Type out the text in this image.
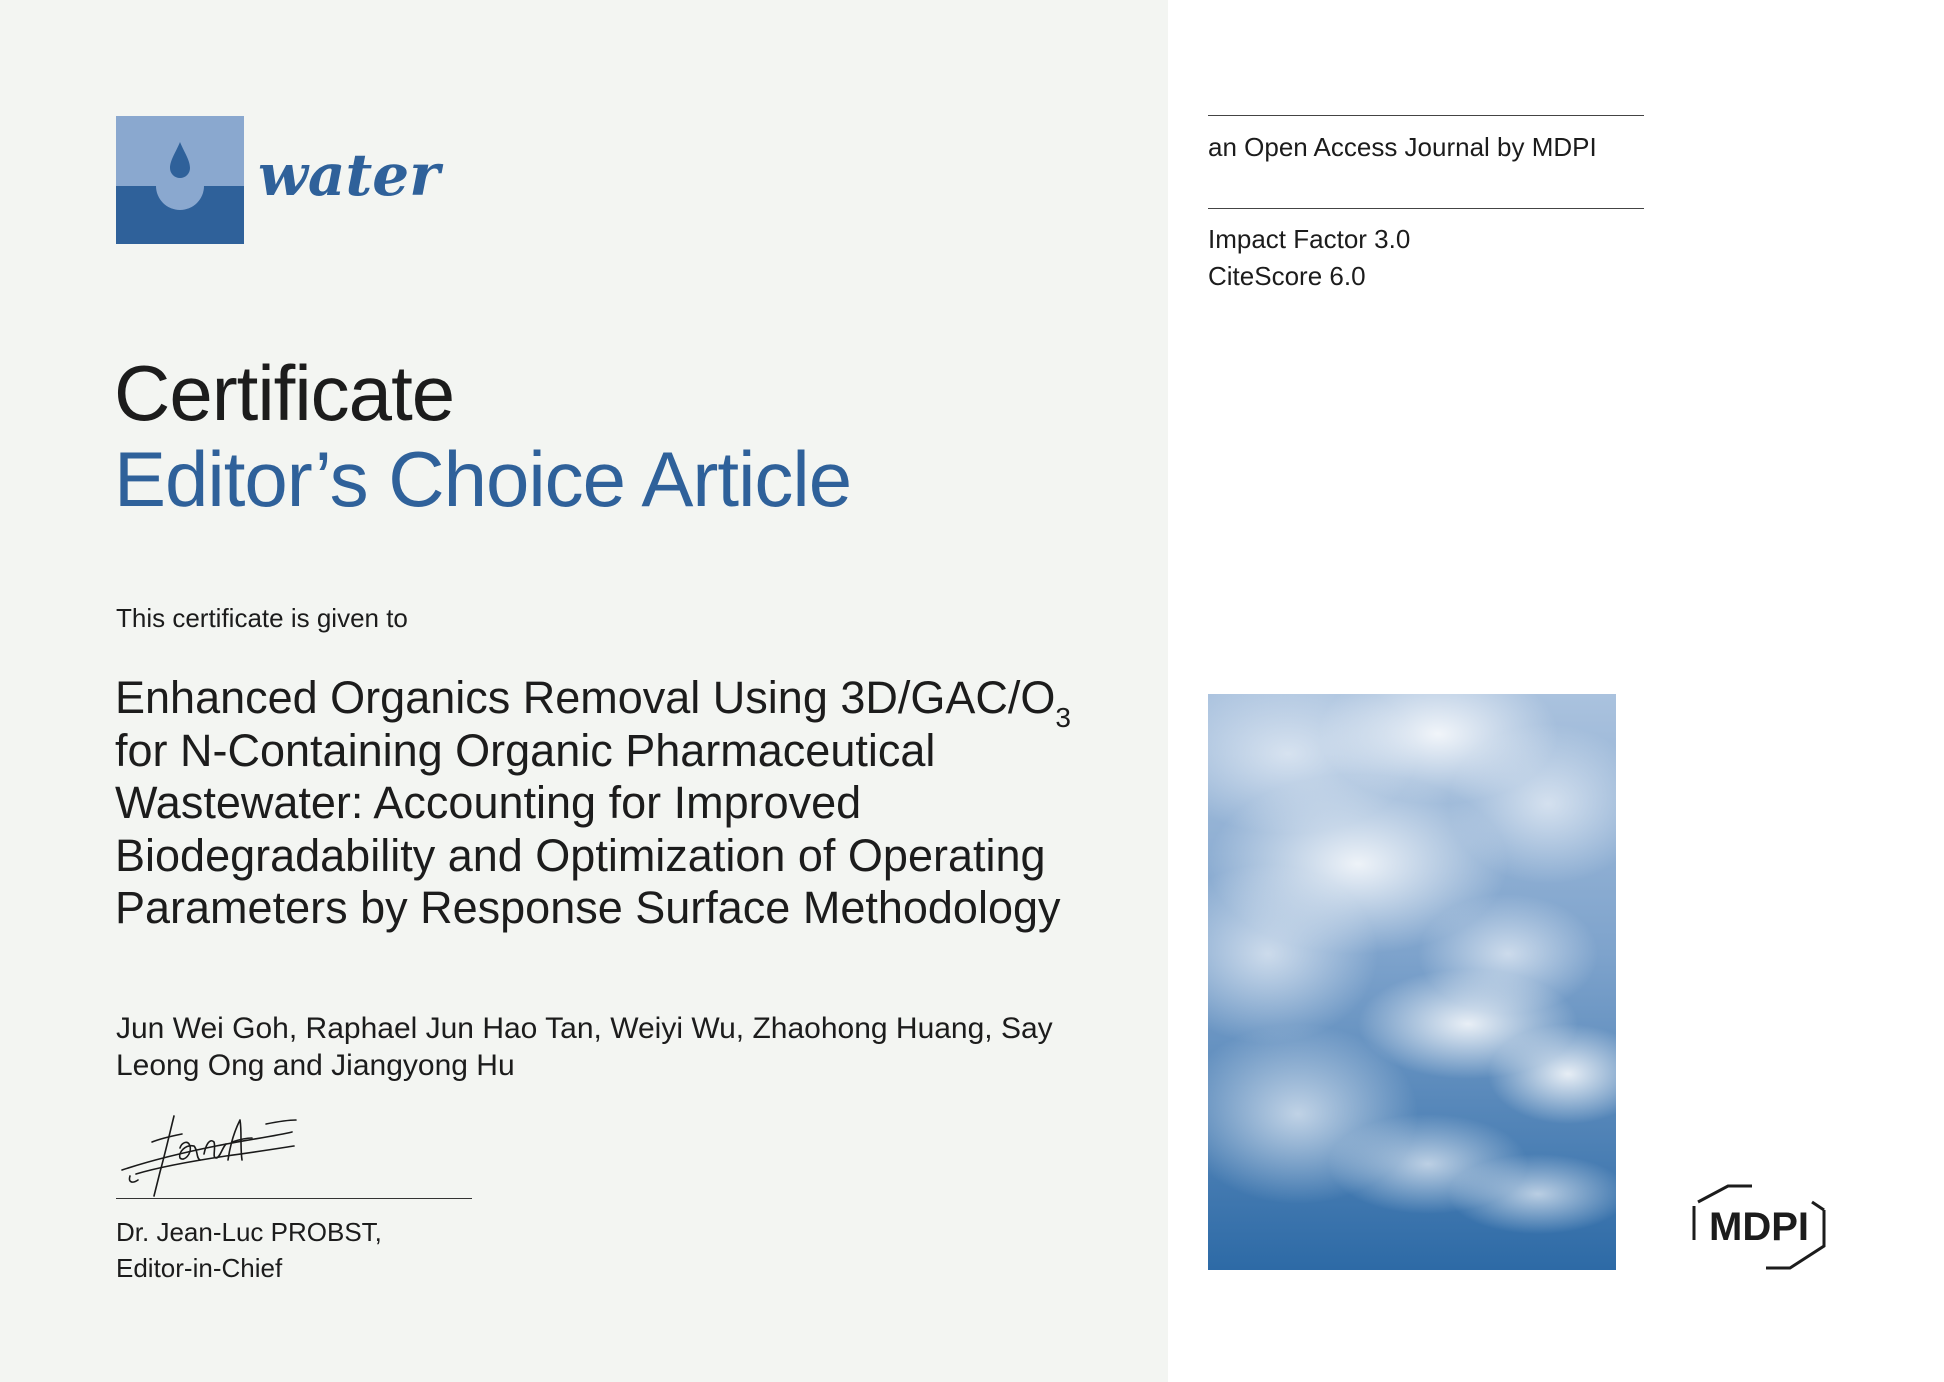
water
Certificate
Editor’s Choice Article
This certificate is given to
Enhanced Organics Removal Using $3D/GAC/O_3$ for N-Containing Organic Pharmaceutical Wastewater: Accounting for Improved Biodegradability and Optimization of Operating Parameters by Response Surface Methodology
Jun Wei Goh, Raphael Jun Hao Tan, Weiyi Wu, Zhaohong Huang, Say Leong Ong and Jiangyong Hu
Dr. Jean-Luc PROBST,
Editor-in-Chief
an Open Access Journal by MDPI
Impact Factor 3.0
CiteScore 6.0
MDPI
